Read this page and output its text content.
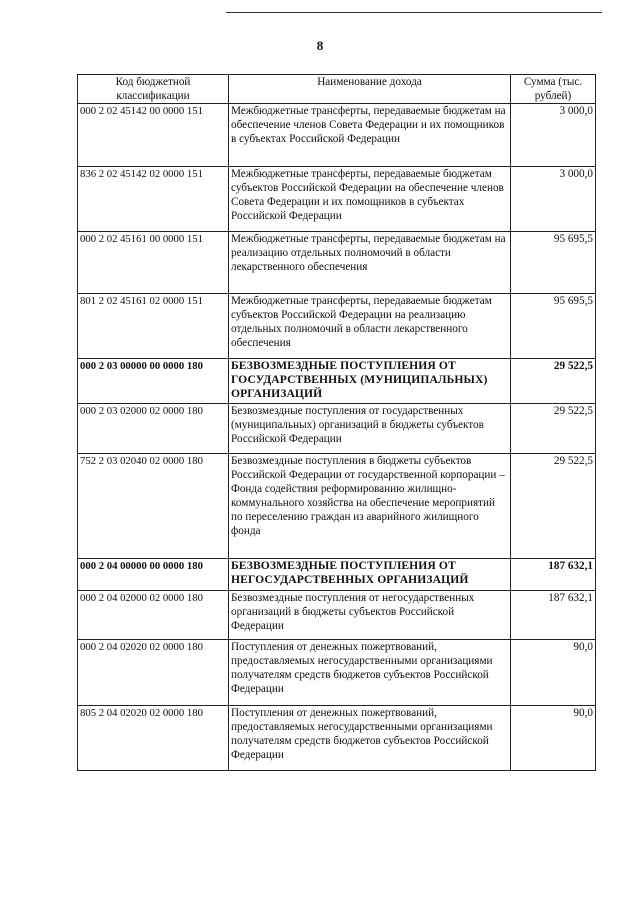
8
Код бюджетной классификации	Наименование дохода	Сумма (тыс. рублей)
000 2 02 45142 00 0000 151	Межбюджетные трансферты, передаваемые бюджетам на обеспечение членов Совета Федерации и их помощников в субъектах Российской Федерации	3 000,0
836 2 02 45142 02 0000 151	Межбюджетные трансферты, передаваемые бюджетам субъектов Российской Федерации на обеспечение членов Совета Федерации и их помощников в субъектах Российской Федерации	3 000,0
000 2 02 45161 00 0000 151	Межбюджетные трансферты, передаваемые бюджетам на реализацию отдельных полномочий в области лекарственного обеспечения	95 695,5
801 2 02 45161 02 0000 151	Межбюджетные трансферты, передаваемые бюджетам субъектов Российской Федерации на реализацию отдельных полномочий в области лекарственного обеспечения	95 695,5
000 2 03 00000 00 0000 180	БЕЗВОЗМЕЗДНЫЕ ПОСТУПЛЕНИЯ ОТ ГОСУДАРСТВЕННЫХ (МУНИЦИПАЛЬНЫХ) ОРГАНИЗАЦИЙ	29 522,5
000 2 03 02000 02 0000 180	Безвозмездные поступления от государственных (муниципальных) организаций в бюджеты субъектов Российской Федерации	29 522,5
752 2 03 02040 02 0000 180	Безвозмездные поступления в бюджеты субъектов Российской Федерации от государственной корпорации – Фонда содействия реформированию жилищно-коммунального хозяйства на обеспечение мероприятий по переселению граждан из аварийного жилищного фонда	29 522,5
000 2 04 00000 00 0000 180	БЕЗВОЗМЕЗДНЫЕ ПОСТУПЛЕНИЯ ОТ НЕГОСУДАРСТВЕННЫХ ОРГАНИЗАЦИЙ	187 632,1
000 2 04 02000 02 0000 180	Безвозмездные поступления от негосударственных организаций в бюджеты субъектов Российской Федерации	187 632,1
000 2 04 02020 02 0000 180	Поступления от денежных пожертвований, предоставляемых негосударственными организациями получателям средств бюджетов субъектов Российской Федерации	90,0
805 2 04 02020 02 0000 180	Поступления от денежных пожертвований, предоставляемых негосударственными организациями получателям средств бюджетов субъектов Российской Федерации	90,0
